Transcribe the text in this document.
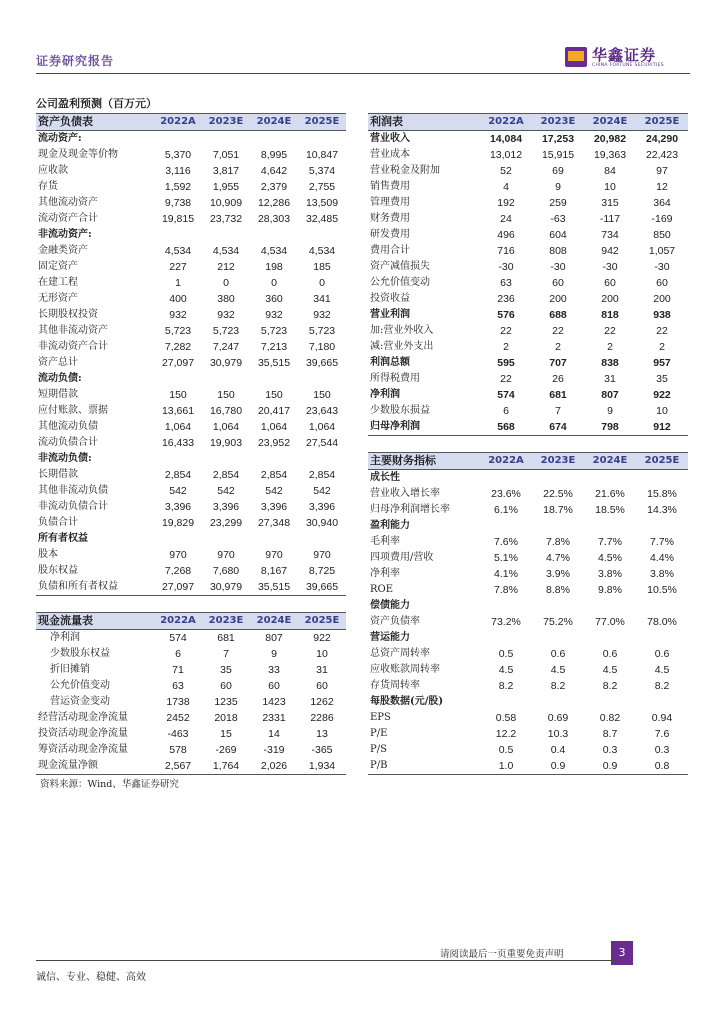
证券研究报告	华鑫证券
CHINA FORTUNE SECURITIES
公司盈利预测（百万元）
资产负债表	2022A	2023E	2024E	2025E
流动资产:				
现金及现金等价物	5,370	7,051	8,995	10,847
应收款	3,116	3,817	4,642	5,374
存货	1,592	1,955	2,379	2,755
其他流动资产	9,738	10,909	12,286	13,509
流动资产合计	19,815	23,732	28,303	32,485
非流动资产:				
金融类资产	4,534	4,534	4,534	4,534
固定资产	227	212	198	185
在建工程	1	0	0	0
无形资产	400	380	360	341
长期股权投资	932	932	932	932
其他非流动资产	5,723	5,723	5,723	5,723
非流动资产合计	7,282	7,247	7,213	7,180
资产总计	27,097	30,979	35,515	39,665
流动负债:				
短期借款	150	150	150	150
应付账款、票据	13,661	16,780	20,417	23,643
其他流动负债	1,064	1,064	1,064	1,064
流动负债合计	16,433	19,903	23,952	27,544
非流动负债:				
长期借款	2,854	2,854	2,854	2,854
其他非流动负债	542	542	542	542
非流动负债合计	3,396	3,396	3,396	3,396
负债合计	19,829	23,299	27,348	30,940
所有者权益				
股本	970	970	970	970
股东权益	7,268	7,680	8,167	8,725
负债和所有者权益	27,097	30,979	35,515	39,665
现金流量表	2022A	2023E	2024E	2025E
净利润	574	681	807	922
少数股东权益	6	7	9	10
折旧摊销	71	35	33	31
公允价值变动	63	60	60	60
营运资金变动	1738	1235	1423	1262
经营活动现金净流量	2452	2018	2331	2286
投资活动现金净流量	-463	15	14	13
筹资活动现金净流量	578	-269	-319	-365
现金流量净额	2,567	1,764	2,026	1,934
利润表	2022A	2023E	2024E	2025E
营业收入	14,084	17,253	20,982	24,290
营业成本	13,012	15,915	19,363	22,423
营业税金及附加	52	69	84	97
销售费用	4	9	10	12
管理费用	192	259	315	364
财务费用	24	-63	-117	-169
研发费用	496	604	734	850
费用合计	716	808	942	1,057
资产减值损失	-30	-30	-30	-30
公允价值变动	63	60	60	60
投资收益	236	200	200	200
营业利润	576	688	818	938
加:营业外收入	22	22	22	22
减:营业外支出	2	2	2	2
利润总额	595	707	838	957
所得税费用	22	26	31	35
净利润	574	681	807	922
少数股东损益	6	7	9	10
归母净利润	568	674	798	912
主要财务指标	2022A	2023E	2024E	2025E
成长性				
营业收入增长率	23.6%	22.5%	21.6%	15.8%
归母净利润增长率	6.1%	18.7%	18.5%	14.3%
盈利能力				
毛利率	7.6%	7.8%	7.7%	7.7%
四项费用/营收	5.1%	4.7%	4.5%	4.4%
净利率	4.1%	3.9%	3.8%	3.8%
ROE	7.8%	8.8%	9.8%	10.5%
偿债能力				
资产负债率	73.2%	75.2%	77.0%	78.0%
营运能力				
总资产周转率	0.5	0.6	0.6	0.6
应收账款周转率	4.5	4.5	4.5	4.5
存货周转率	8.2	8.2	8.2	8.2
每股数据(元/股)				
EPS	0.58	0.69	0.82	0.94
P/E	12.2	10.3	8.7	7.6
P/S	0.5	0.4	0.3	0.3
P/B	1.0	0.9	0.9	0.8
资料来源：Wind、华鑫证券研究
请阅读最后一页重要免责声明	3
诚信、专业、稳健、高效
